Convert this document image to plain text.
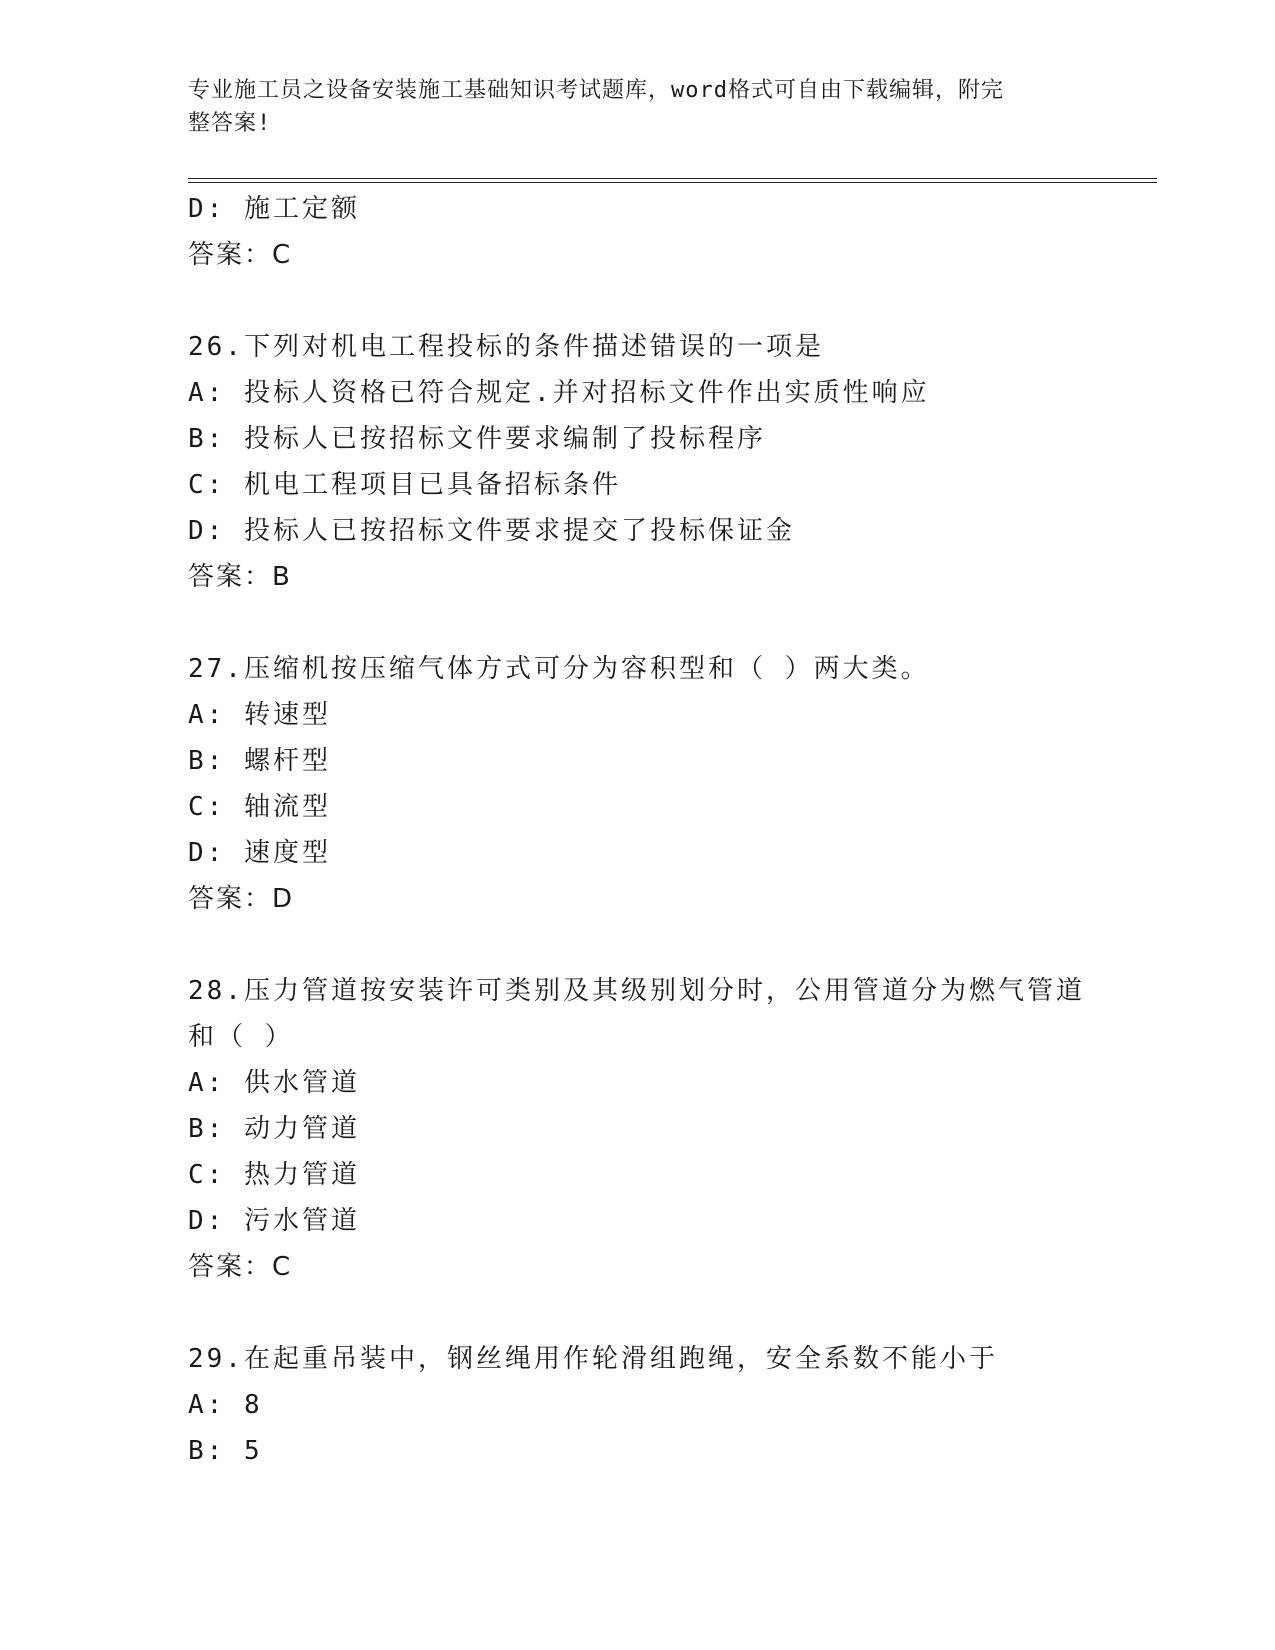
专业施工员之设备安装施工基础知识考试题库，word格式可自由下载编辑，附完
整答案!
D: 施工定额
答案：C
26.下列对机电工程投标的条件描述错误的一项是
A: 投标人资格已符合规定.并对招标文件作出实质性响应
B: 投标人已按招标文件要求编制了投标程序
C: 机电工程项目已具备招标条件
D: 投标人已按招标文件要求提交了投标保证金
答案：B
27.压缩机按压缩气体方式可分为容积型和（ ）两大类。
A: 转速型
B: 螺杆型
C: 轴流型
D: 速度型
答案：D
28.压力管道按安装许可类别及其级别划分时，公用管道分为燃气管道
和（ ）
A: 供水管道
B: 动力管道
C: 热力管道
D: 污水管道
答案：C
29.在起重吊装中，钢丝绳用作轮滑组跑绳，安全系数不能小于
A: 8
B: 5
